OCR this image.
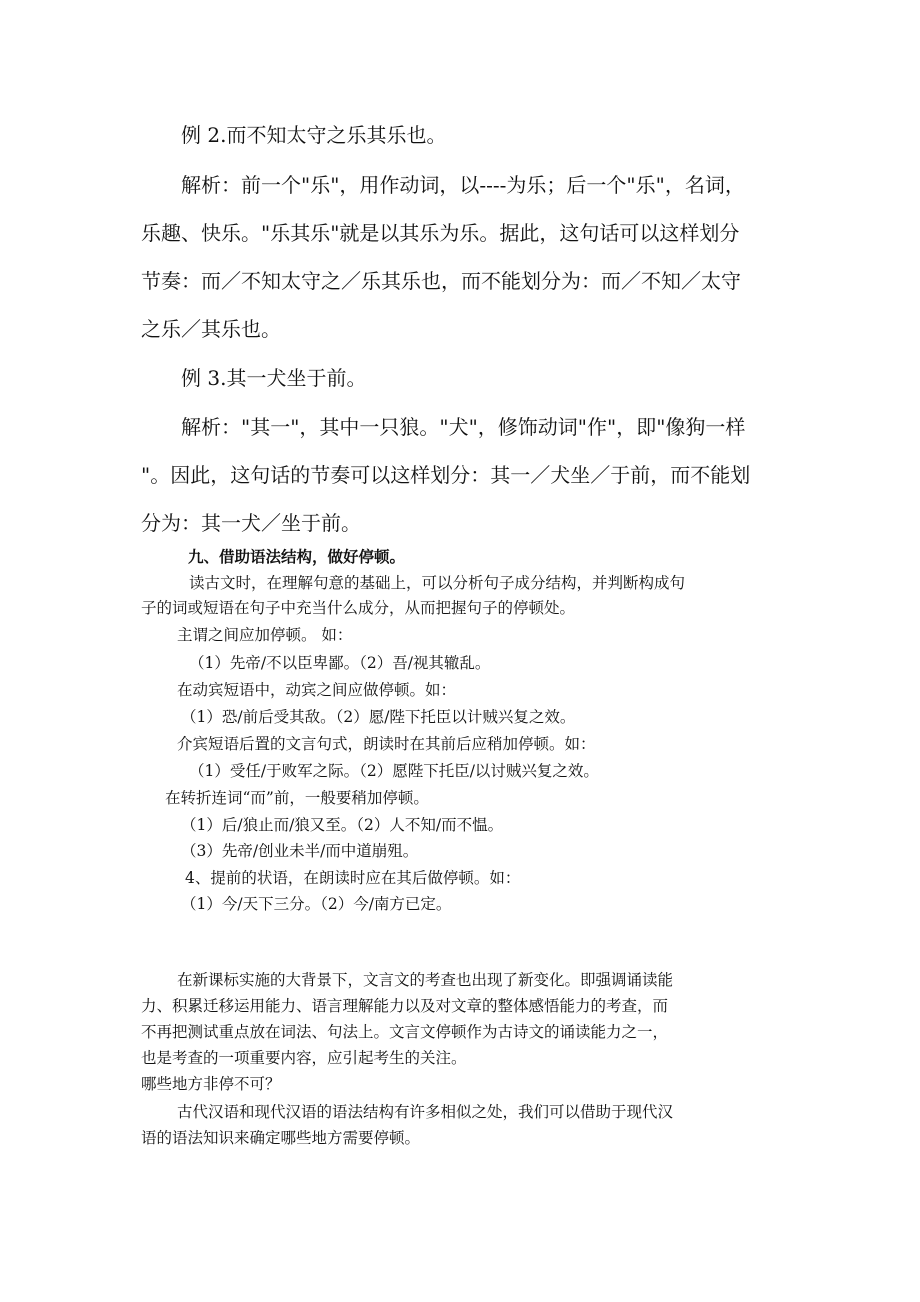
例 2.而不知太守之乐其乐也。
解析：前一个"乐"，用作动词，以----为乐；后一个"乐"，名词，
乐趣、快乐。"乐其乐"就是以其乐为乐。据此，这句话可以这样划分
节奏：而／不知太守之／乐其乐也，而不能划分为：而／不知／太守
之乐／其乐也。
例 3.其一犬坐于前。
解析："其一"，其中一只狼。"犬"，修饰动词"作"，即"像狗一样
"。因此，这句话的节奏可以这样划分：其一／犬坐／于前，而不能划
分为：其一犬／坐于前。
九、借助语法结构，做好停顿。
读古文时，在理解句意的基础上，可以分析句子成分结构，并判断构成句
子的词或短语在句子中充当什么成分，从而把握句子的停顿处。
主谓之间应加停顿。 如：
（1）先帝/不以臣卑鄙。（2）吾/视其辙乱。
在动宾短语中，动宾之间应做停顿。如：
（1）恐/前后受其敌。（2）愿/陛下托臣以计贼兴复之效。
介宾短语后置的文言句式，朗读时在其前后应稍加停顿。如：
（1）受任/于败军之际。（2）愿陛下托臣/以讨贼兴复之效。
在转折连词“而”前，一般要稍加停顿。
（1）后/狼止而/狼又至。（2）人不知/而不愠。
（3）先帝/创业未半/而中道崩殂。
4、提前的状语，在朗读时应在其后做停顿。如：
（1）今/天下三分。（2）今/南方已定。
在新课标实施的大背景下，文言文的考查也出现了新变化。即强调诵读能
力、积累迁移运用能力、语言理解能力以及对文章的整体感悟能力的考查，而
不再把测试重点放在词法、句法上。文言文停顿作为古诗文的诵读能力之一，
也是考查的一项重要内容，应引起考生的关注。
哪些地方非停不可？
古代汉语和现代汉语的语法结构有许多相似之处，我们可以借助于现代汉
语的语法知识来确定哪些地方需要停顿。
